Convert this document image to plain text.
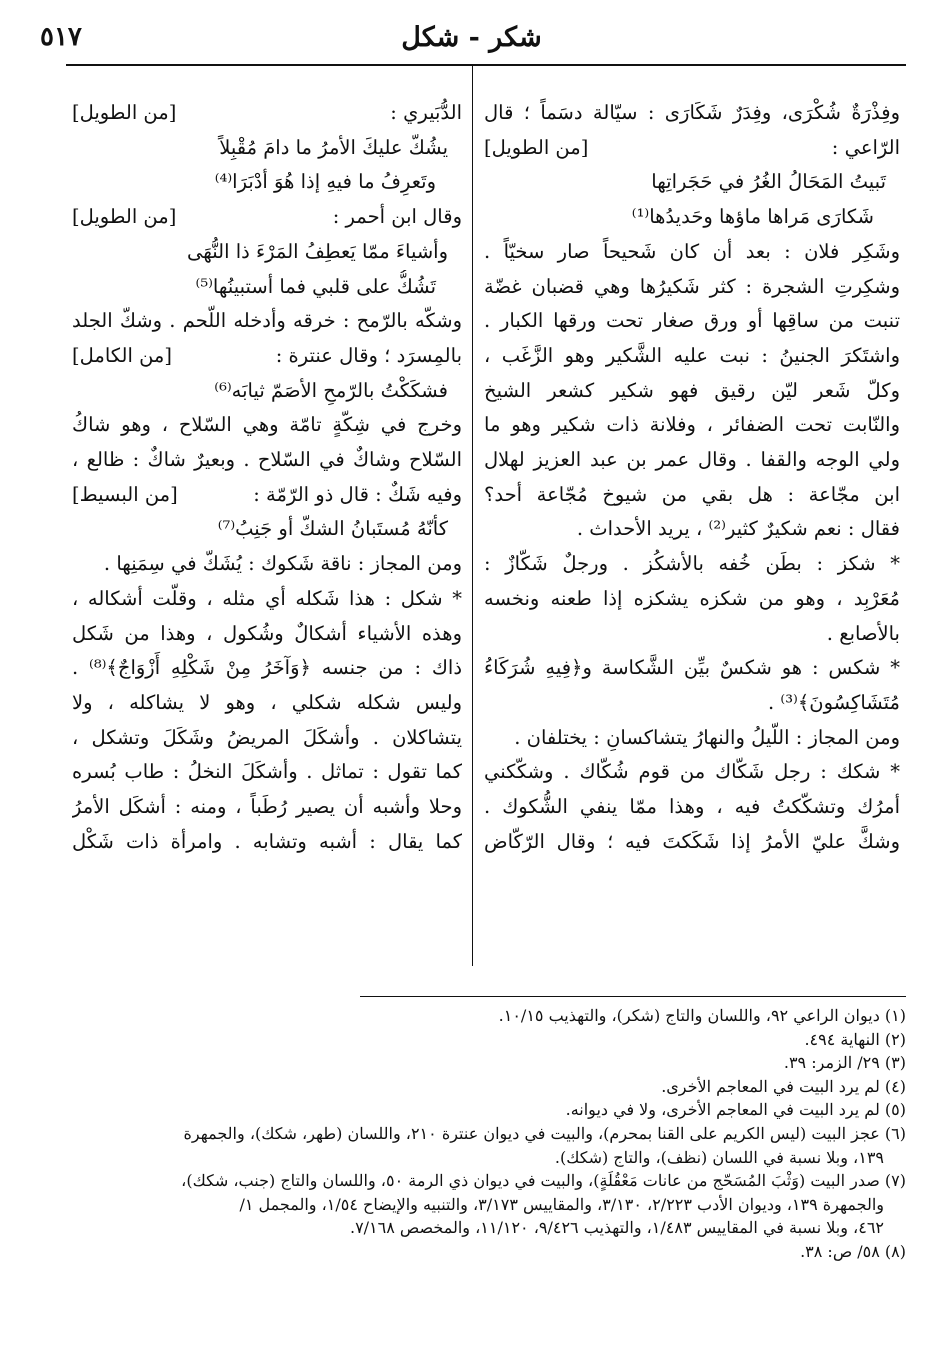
٥١٧	شكر - شكل
وفِذْرَةٌ شُكْرَى، وفِدَرٌ شَكَارَى : سيّالة دسَماً ؛ قال
[من الطويل]	الرّاعي :
تَبيتُ المَحَالُ الغُرُ في حَجَراتِها
شَكارَى مَراها ماؤها وحَديدُها⁽¹⁾
وشَكِر فلان : بعد أن كان شَحيحاً صار سخيّاً .
وشكِرتِ الشجرة : كثر شَكيرُها وهي قضبان غضّة
تنبت من ساقِها أو ورق صغار تحت ورقها الكبار .
واشتَكرَ الجنينُ : نبت عليه الشَّكير وهو الزَّغَب ،
وكلّ شَعر ليّن رقيق فهو شكير كشعر الشيخ
والنّابت تحت الضفائر ، وفلانة ذات شكير وهو ما
ولي الوجه والقفا . وقال عمر بن عبد العزيز لهلال
ابن مجّاعة : هل بقي من شيوخ مُجّاعة أحد؟
فقال : نعم شكيرٌ كثير⁽²⁾ ، يريد الأحداث .
* شكز : بطَن خُفه بالأشكُز . ورجلٌ شَكّازٌ :
مُعَرْبِد ، وهو من شكزه يشكزه إذا طعنه ونخسه
بالأصابع .
* شكس : هو شكسٌ بيِّن الشَّكاسة و﴿فِيهِ شُرَكَاءُ
مُتَشَاكِسُونَ﴾⁽³⁾ .
ومن المجاز : اللّيلُ والنهارُ يتشاكسانِ : يختلفان .
* شكك : رجل شَكّاك من قوم شُكّاك . وشكّكني
أمرُك وتشكّكتُ فيه ، وهذا ممّا ينفي الشُّكوك .
وشكَّ عليّ الأمرُ إذا شَكَكتَ فيه ؛ وقال الرّكّاض
[من الطويل]	الدُّبَيري :
يشُكّ عليكَ الأمرُ ما دامَ مُقْبِلاً
وتَعرِفُ ما فيهِ إذا هُوَ أدْبَرَا⁽⁴⁾
[من الطويل]	وقال ابن أحمر :
وأشياءَ ممّا يَعطِفُ المَرْءَ ذا النُّهَى
تَشُكُّ على قلبي فما أستبينُها⁽⁵⁾
وشكّه بالرّمح : خرقه وأدخله اللّحم . وشكّ الجلد
[من الكامل]	بالمِسرَد ؛ وقال عنترة :
فشكَكْتُ بالرّمحِ الأصَمّ ثيابَه⁽⁶⁾
وخرج في شِكّةٍ تامّة وهي السّلاح ، وهو شاكُ
السّلاح وشاكٌ في السّلاح . وبعيرٌ شاكٌ : ظالع ،
[من البسيط]	وفيه شَكٌ : قال ذو الرّمّة :
كأنّهُ مُستَبانُ الشكّ أو جَنِبُ⁽⁷⁾
ومن المجاز : ناقة شَكوك : يُشَكّ في سِمَنِها .
* شكل : هذا شَكله أي مثله ، وقلّت أشكاله ،
وهذه الأشياء أشكالٌ وشُكول ، وهذا من شَكل
ذاك : من جنسه ﴿وَآخَرُ مِنْ شَكْلِهِ أَزْوَاجٌ﴾⁽⁸⁾ .
وليس شكله شكلي ، وهو لا يشاكله ، ولا
يتشاكلان . وأشكَلَ المريضُ وشَكَلَ وتشكل ،
كما تقول : تماثل . وأشكَلَ النخلُ : طاب بُسره
وحلا وأشبه أن يصير رُطَباً ، ومنه : أشكَل الأمرُ
كما يقال : أشبه وتشابه . وامرأة ذات شَكْل
(١) ديوان الراعي ٩٢، واللسان والتاج (شكر)، والتهذيب ١٠/١٥.
(٢) النهاية ٤٩٤.
(٣) ٢٩/ الزمر: ٣٩.
(٤) لم يرد البيت في المعاجم الأخرى.
(٥) لم يرد البيت في المعاجم الأخرى، ولا في ديوانه.
(٦) عجز البيت (ليس الكريم على القنا بمحرم)، والبيت في ديوان عنترة ٢١٠، واللسان (طهر، شكك)، والجمهرة
١٣٩، وبلا نسبة في اللسان (نظف)، والتاج (شكك).
(٧) صدر البيت (وَثْبَ المُسَحّج من عانات مَعْقُلَةٍ)، والبيت في ديوان ذي الرمة ٥٠، واللسان والتاج (جنب، شكك)،
والجمهرة ١٣٩، وديوان الأدب ٢/٢٢٣، ٣/١٣٠، والمقاييس ٣/١٧٣، والتنبيه والإيضاح ١/٥٤، والمجمل ١/
٤٦٢، وبلا نسبة في المقاييس ١/٤٨٣، والتهذيب ٩/٤٢٦، ١١/١٢٠، والمخصص ٧/١٦٨.
(٨) ٥٨/ ص: ٣٨.
